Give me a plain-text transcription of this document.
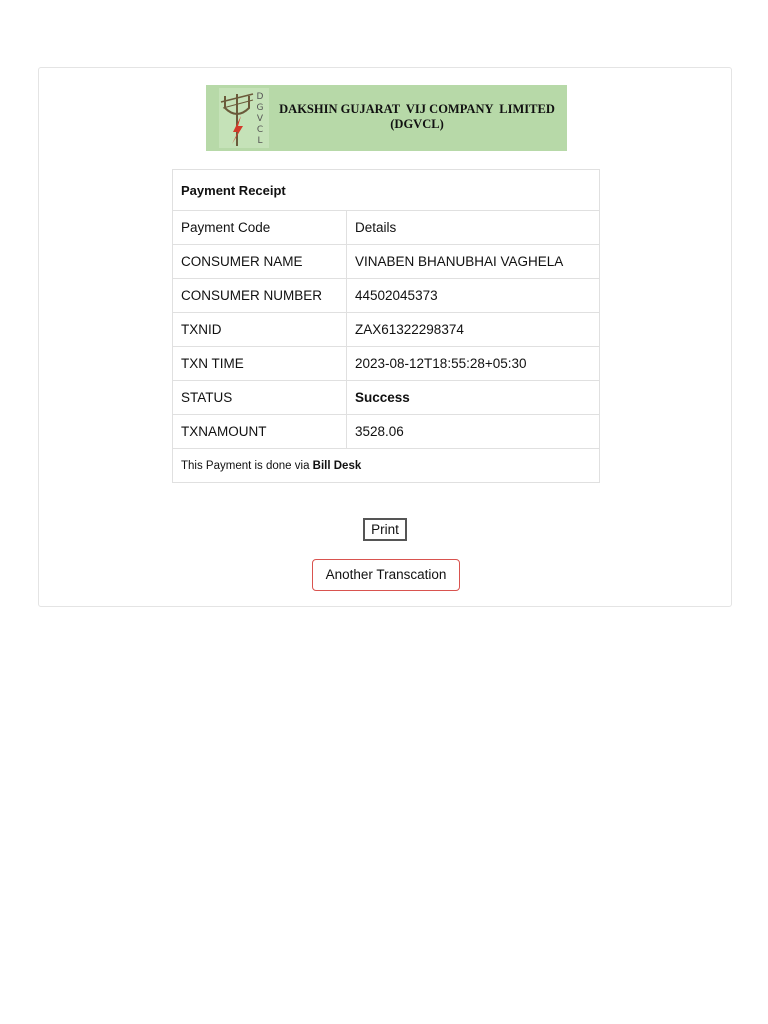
D
G
V
C
L
DAKSHIN GUJARAT  VIJ COMPANY  LIMITED
(DGVCL)
Payment Receipt	
Payment Code	Details
CONSUMER NAME	VINABEN BHANUBHAI VAGHELA
CONSUMER NUMBER	44502045373
TXNID	ZAX61322298374
TXN TIME	2023-08-12T18:55:28+05:30
STATUS	Success
TXNAMOUNT	3528.06
This Payment is done via Bill Desk	
Print
Another Transcation
